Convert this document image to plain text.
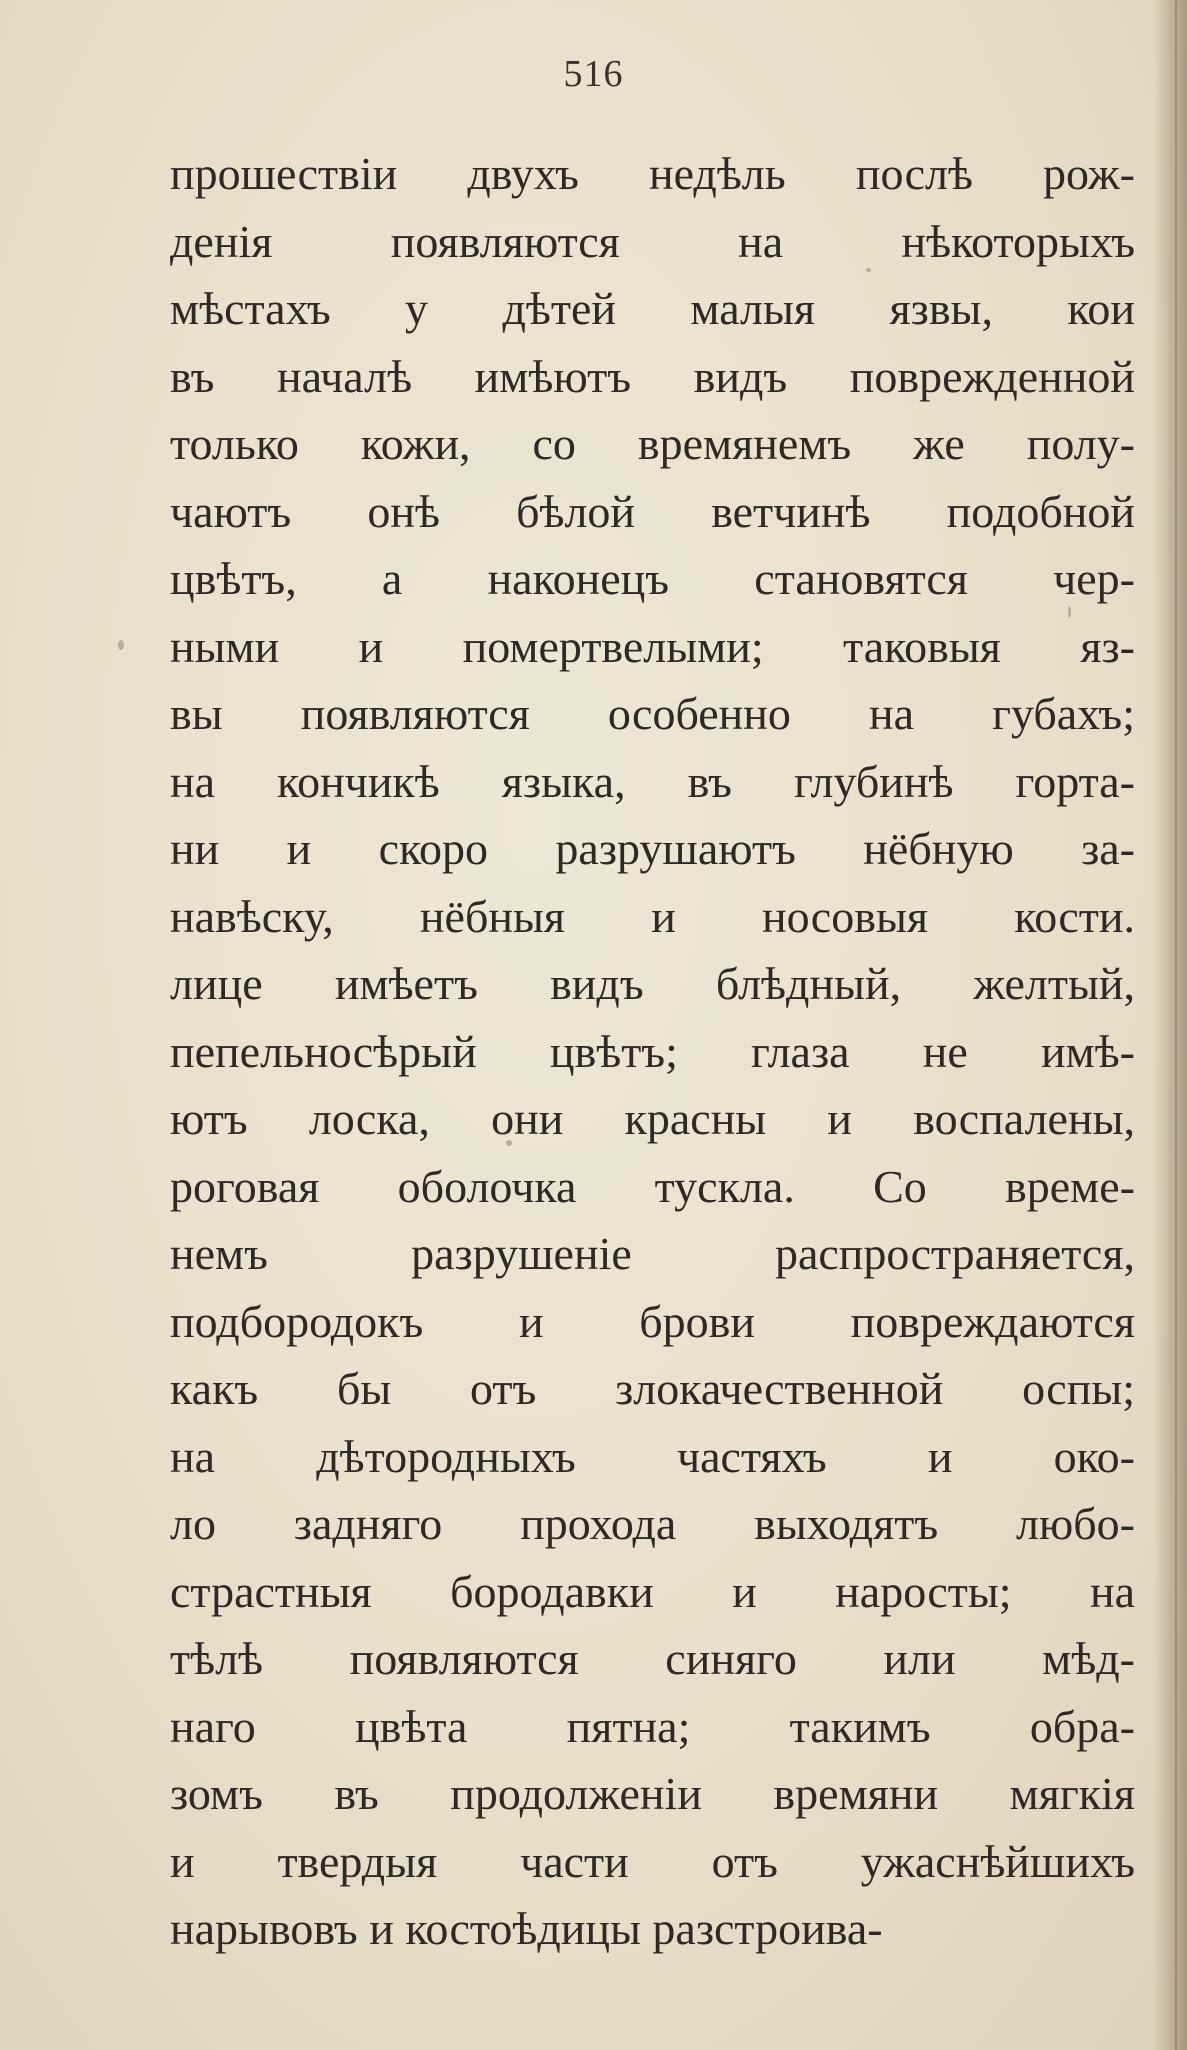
516
прошествіи двухъ недѣль послѣ рож-
денія появляются на нѣкоторыхъ
мѣстахъ у дѣтей малыя язвы, кои
въ началѣ имѣютъ видъ поврежденной
только кожи, со времянемъ же полу-
чаютъ онѣ бѣлой ветчинѣ подобной
цвѣтъ, а наконецъ становятся чер-
ными и помертвелыми; таковыя яз-
вы появляются особенно на губахъ;
на кончикѣ языка, въ глубинѣ горта-
ни и скоро разрушаютъ нёбную за-
навѣску, нёбныя и носовыя кости.
лице имѣетъ видъ блѣдный, желтый,
пепельносѣрый цвѣтъ; глаза не имѣ-
ютъ лоска, они красны и воспалены,
роговая оболочка тускла. Со време-
немъ разрушеніе распространяется,
подбородокъ и брови повреждаются
какъ бы отъ злокачественной оспы;
на дѣтородныхъ частяхъ и око-
ло задняго прохода выходятъ любо-
страстныя бородавки и наросты; на
тѣлѣ появляются синяго или мѣд-
наго цвѣта пятна; такимъ обра-
зомъ въ продолженіи времяни мягкія
и твердыя части отъ ужаснѣйшихъ
нарывовъ и костоѣдицы разстроива-
